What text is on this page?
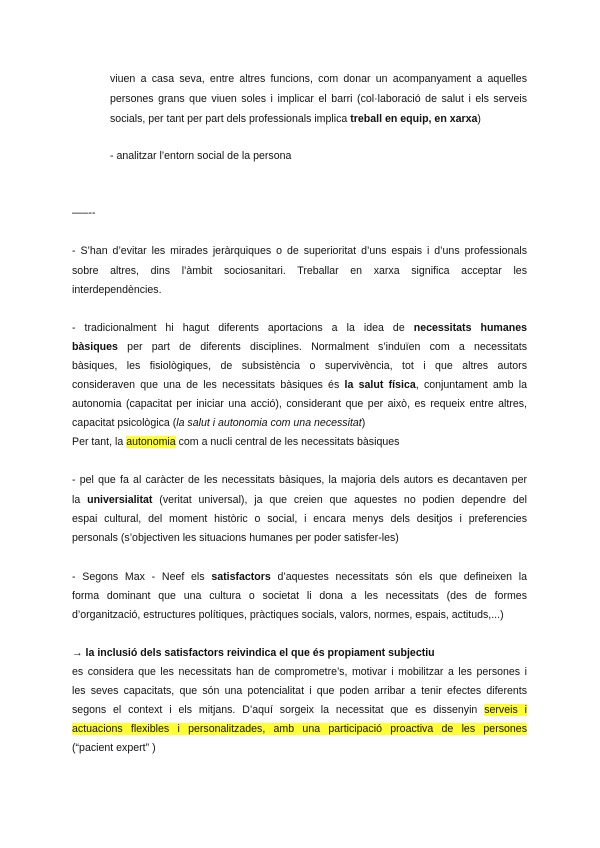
viuen a casa seva, entre altres funcions, com donar un acompanyament a aquelles
persones grans que viuen soles i implicar el barri (col·laboració de salut i els serveis
socials, per tant per part dels professionals implica treball en equip, en xarxa)
- analitzar l’entorn social de la persona
—–--
- S’han d’evitar les mirades jeràrquiques o de superioritat d’uns espais i d’uns professionals
sobre altres, dins l’àmbit sociosanitari. Treballar en xarxa significa acceptar les
interdependències.
- tradicionalment hi hagut diferents aportacions a la idea de necessitats humanes
bàsiques per part de diferents disciplines. Normalment s’induïen com a necessitats
bàsiques, les fisiològiques, de subsistència o supervivència, tot i que altres autors
consideraven que una de les necessitats bàsiques és la salut física, conjuntament amb la
autonomia (capacitat per iniciar una acció), considerant que per això, es requeix entre altres,
capacitat psicològica (la salut i autonomia com una necessitat)
Per tant, la autonomia com a nucli central de les necessitats bàsiques
- pel que fa al caràcter de les necessitats bàsiques, la majoria dels autors es decantaven per
la universialitat (veritat universal), ja que creien que aquestes no podien dependre del
espai cultural, del moment històric o social, i encara menys dels desitjos i preferencies
personals (s’objectiven les situacions humanes per poder satisfer-les)
- Segons Max - Neef els satisfactors d’aquestes necessitats són els que defineixen la
forma dominant que una cultura o societat li dona a les necessitats (des de formes
d’organització, estructures polítiques, pràctiques socials, valors, normes, espais, actituds,...)
→ la inclusió dels satisfactors reivindica el que és propiament subjectiu
es considera que les necessitats han de comprometre’s, motivar i mobilitzar a les persones i
les seves capacitats, que són una potencialitat i que poden arribar a tenir efectes diferents
segons el context i els mitjans. D’aquí sorgeix la necessitat que es dissenyin serveis i
actuacions flexibles i personalitzades, amb una participació proactiva de les persones
(“pacient expert” )
